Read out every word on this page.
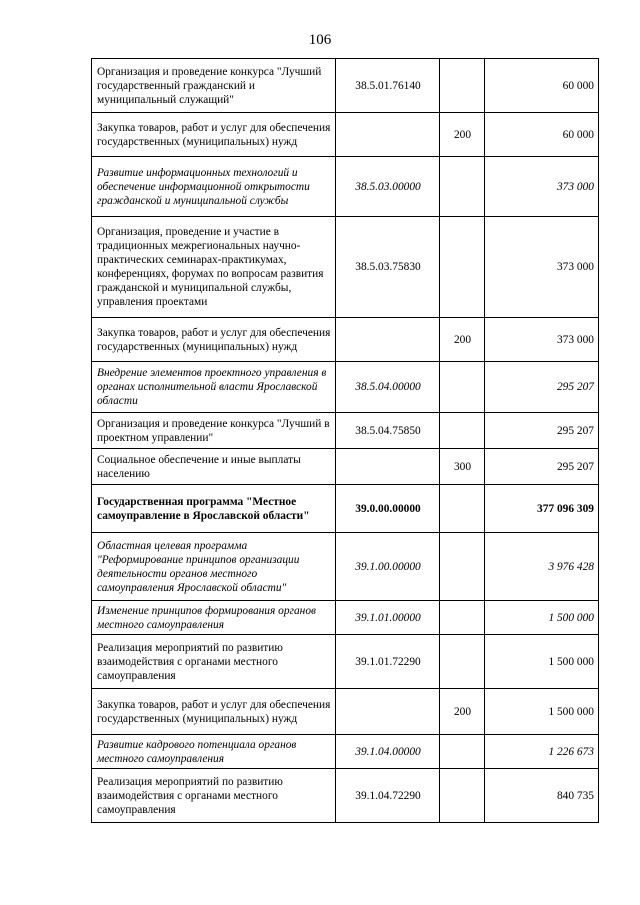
106
Организация и проведение конкурса "Лучший государственный гражданский и муниципальный служащий"	38.5.01.76140		60 000
Закупка товаров, работ и услуг для обеспечения государственных (муниципальных) нужд		200	60 000
Развитие информационных технологий и обеспечение информационной открытости гражданской и муниципальной службы	38.5.03.00000		373 000
Организация, проведение и участие в традиционных межрегиональных научно-практических семинарах-практикумах, конференциях, форумах по вопросам развития гражданской и муниципальной службы, управления проектами	38.5.03.75830		373 000
Закупка товаров, работ и услуг для обеспечения государственных (муниципальных) нужд		200	373 000
Внедрение элементов проектного управления в органах исполнительной власти Ярославской области	38.5.04.00000		295 207
Организация и проведение конкурса "Лучший в проектном управлении"	38.5.04.75850		295 207
Социальное обеспечение и иные выплаты населению		300	295 207
Государственная программа "Местное самоуправление в Ярославской области"	39.0.00.00000		377 096 309
Областная целевая программа "Реформирование принципов организации деятельности органов местного самоуправления Ярославской области"	39.1.00.00000		3 976 428
Изменение принципов формирования органов местного самоуправления	39.1.01.00000		1 500 000
Реализация мероприятий по развитию взаимодействия с органами местного самоуправления	39.1.01.72290		1 500 000
Закупка товаров, работ и услуг для обеспечения государственных (муниципальных) нужд		200	1 500 000
Развитие кадрового потенциала органов местного самоуправления	39.1.04.00000		1 226 673
Реализация мероприятий по развитию взаимодействия с органами местного самоуправления	39.1.04.72290		840 735
